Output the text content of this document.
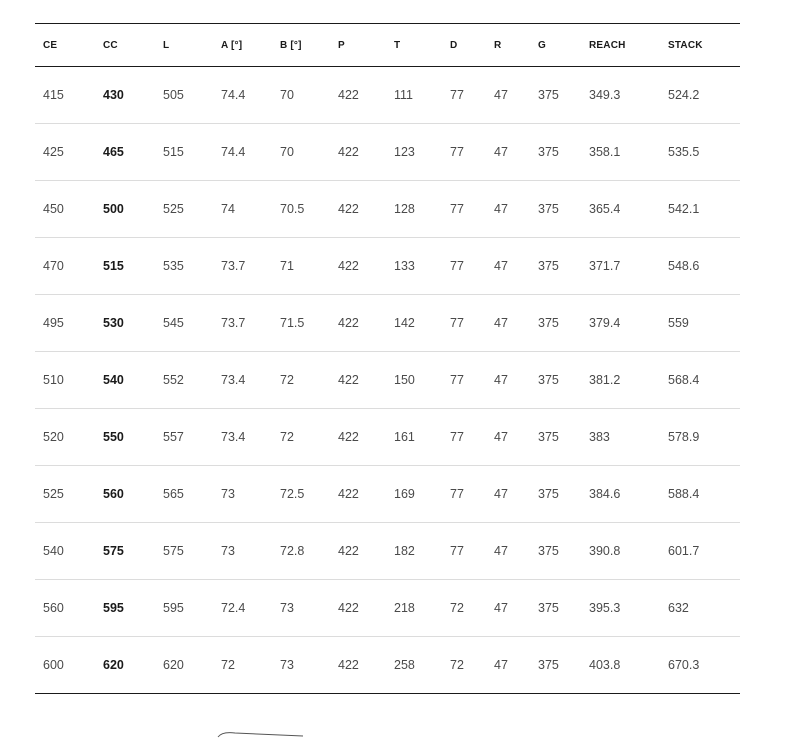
CE	CC	L	A [°]	B [°]	P	T	D	R	G	REACH	STACK
415	430	505	74.4	70	422	111	77	47	375	349.3	524.2
425	465	515	74.4	70	422	123	77	47	375	358.1	535.5
450	500	525	74	70.5	422	128	77	47	375	365.4	542.1
470	515	535	73.7	71	422	133	77	47	375	371.7	548.6
495	530	545	73.7	71.5	422	142	77	47	375	379.4	559
510	540	552	73.4	72	422	150	77	47	375	381.2	568.4
520	550	557	73.4	72	422	161	77	47	375	383	578.9
525	560	565	73	72.5	422	169	77	47	375	384.6	588.4
540	575	575	73	72.8	422	182	77	47	375	390.8	601.7
560	595	595	72.4	73	422	218	72	47	375	395.3	632
600	620	620	72	73	422	258	72	47	375	403.8	670.3
